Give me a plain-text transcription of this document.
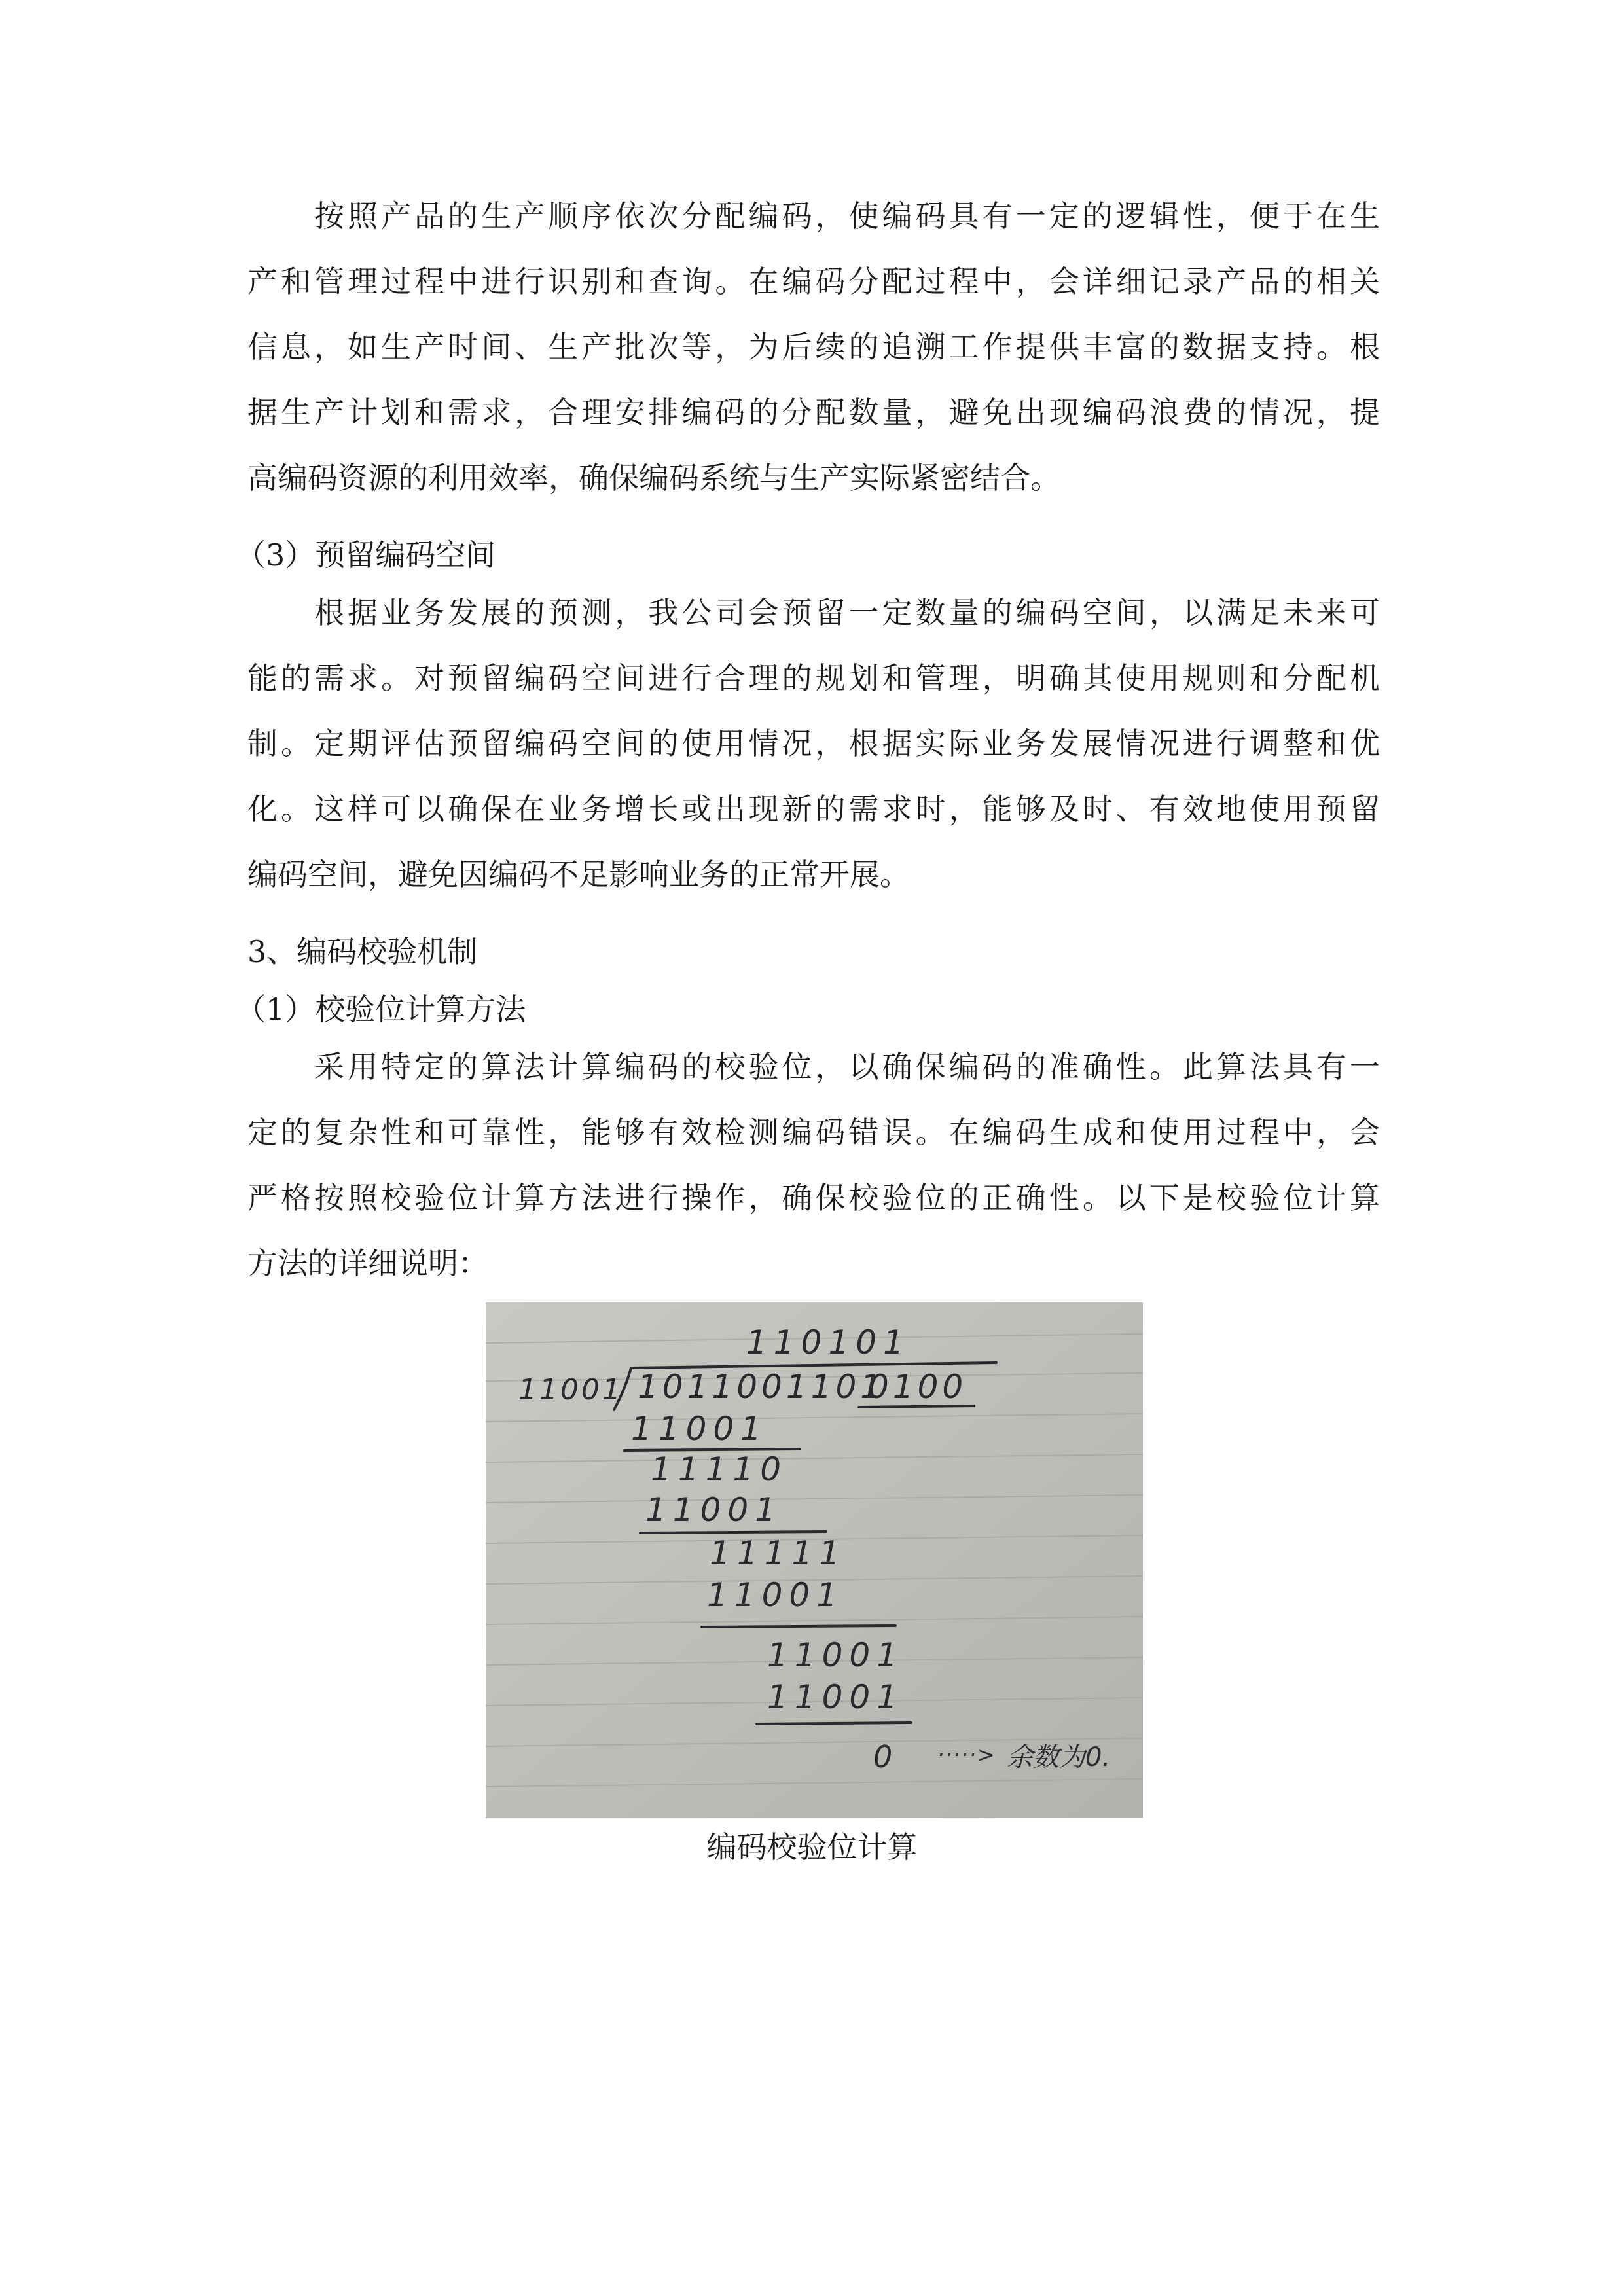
　　按照产品的生产顺序依次分配编码，使编码具有一定的逻辑性，便于在生
产和管理过程中进行识别和查询。在编码分配过程中，会详细记录产品的相关
信息，如生产时间、生产批次等，为后续的追溯工作提供丰富的数据支持。根
据生产计划和需求，合理安排编码的分配数量，避免出现编码浪费的情况，提
高编码资源的利用效率，确保编码系统与生产实际紧密结合。
（3）预留编码空间
　　根据业务发展的预测，我公司会预留一定数量的编码空间，以满足未来可
能的需求。对预留编码空间进行合理的规划和管理，明确其使用规则和分配机
制。定期评估预留编码空间的使用情况，根据实际业务发展情况进行调整和优
化。这样可以确保在业务增长或出现新的需求时，能够及时、有效地使用预留
编码空间，避免因编码不足影响业务的正常开展。
3、编码校验机制
（1）校验位计算方法
　　采用特定的算法计算编码的校验位，以确保编码的准确性。此算法具有一
定的复杂性和可靠性，能够有效检测编码错误。在编码生成和使用过程中，会
严格按照校验位计算方法进行操作，确保校验位的正确性。以下是校验位计算
方法的详细说明：
110101
11001 1011001101
0100
11001
11110
11001
11111
11001
11001
11001
0 ·····> 余数为0.
编码校验位计算
